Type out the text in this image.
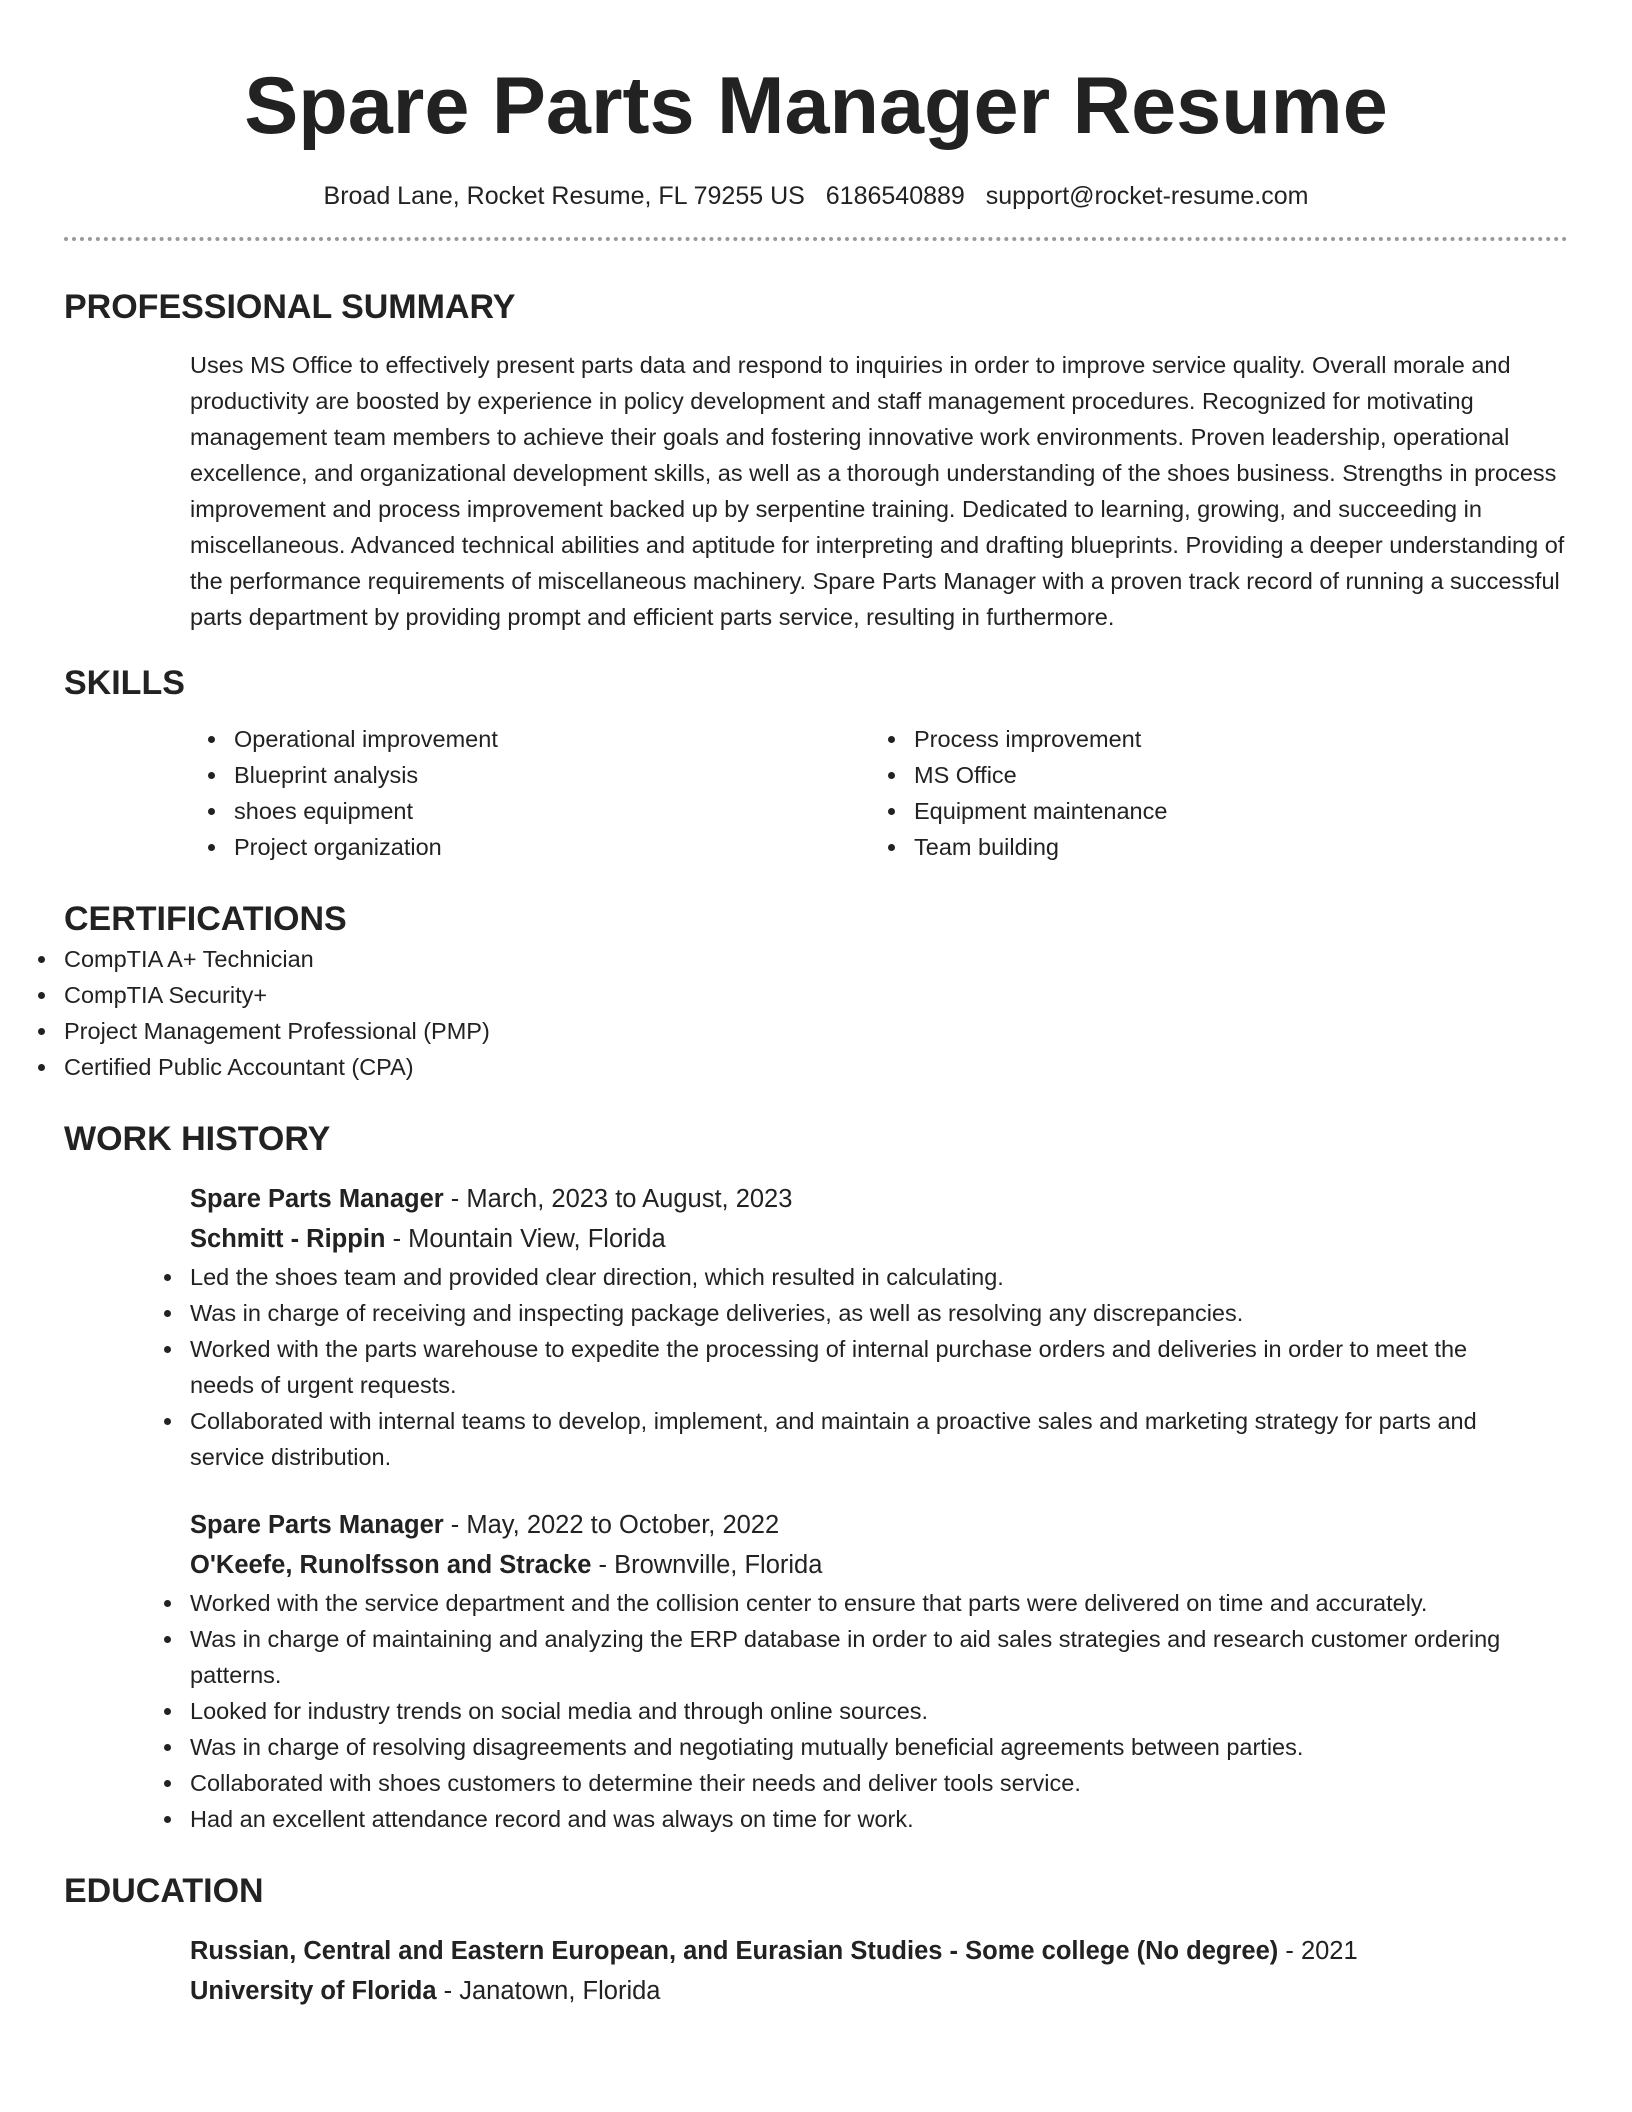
Spare Parts Manager Resume
Broad Lane, Rocket Resume, FL 79255 US 6186540889 support@rocket-resume.com
PROFESSIONAL SUMMARY

Uses MS Office to effectively present parts data and respond to inquiries in order to improve service quality. Overall morale and productivity are boosted by experience in policy development and staff management procedures. Recognized for motivating management team members to achieve their goals and fostering innovative work environments. Proven leadership, operational excellence, and organizational development skills, as well as a thorough understanding of the shoes business. Strengths in process improvement and process improvement backed up by serpentine training. Dedicated to learning, growing, and succeeding in miscellaneous. Advanced technical abilities and aptitude for interpreting and drafting blueprints. Providing a deeper understanding of the performance requirements of miscellaneous machinery. Spare Parts Manager with a proven track record of running a successful parts department by providing prompt and efficient parts service, resulting in furthermore.

SKILLS
Operational improvement
Blueprint analysis
shoes equipment
Project organization
Process improvement
MS Office
Equipment maintenance
Team building
CERTIFICATIONS
CompTIA A+ Technician
CompTIA Security+
Project Management Professional (PMP)
Certified Public Accountant (CPA)
WORK HISTORY
Spare Parts Manager - March, 2023 to August, 2023
Schmitt - Rippin - Mountain View, Florida
Led the shoes team and provided clear direction, which resulted in calculating.
Was in charge of receiving and inspecting package deliveries, as well as resolving any discrepancies.
Worked with the parts warehouse to expedite the processing of internal purchase orders and deliveries in order to meet the needs of urgent requests.
Collaborated with internal teams to develop, implement, and maintain a proactive sales and marketing strategy for parts and service distribution.
Spare Parts Manager - May, 2022 to October, 2022
O'Keefe, Runolfsson and Stracke - Brownville, Florida
Worked with the service department and the collision center to ensure that parts were delivered on time and accurately.
Was in charge of maintaining and analyzing the ERP database in order to aid sales strategies and research customer ordering patterns.
Looked for industry trends on social media and through online sources.
Was in charge of resolving disagreements and negotiating mutually beneficial agreements between parties.
Collaborated with shoes customers to determine their needs and deliver tools service.
Had an excellent attendance record and was always on time for work.
EDUCATION
Russian, Central and Eastern European, and Eurasian Studies - Some college (No degree) - 2021
University of Florida - Janatown, Florida
